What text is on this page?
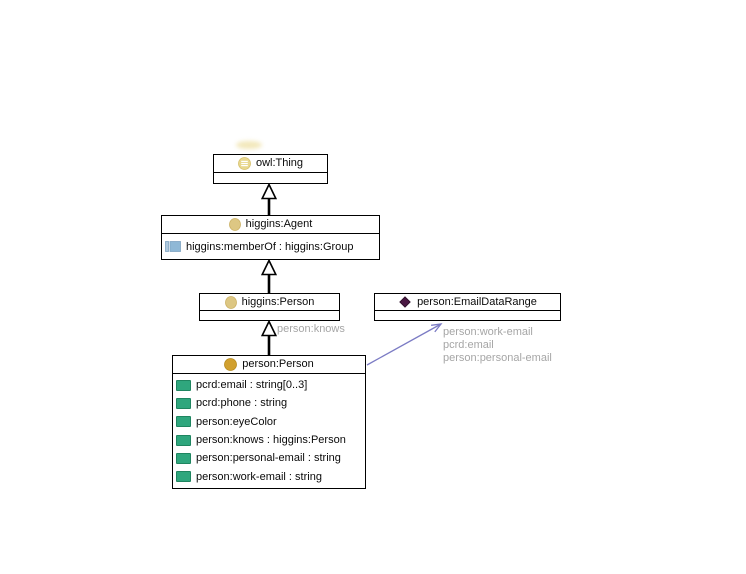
owl:Thing
higgins:Agent
higgins:memberOf : higgins:Group
higgins:Person	person:EmailDataRange
person:Person
pcrd:email : string[0..3]
pcrd:phone : string
person:eyeColor
person:knows : higgins:Person
person:personal-email : string
person:work-email : string
person:knows	person:work-email
pcrd:email
person:personal-email
